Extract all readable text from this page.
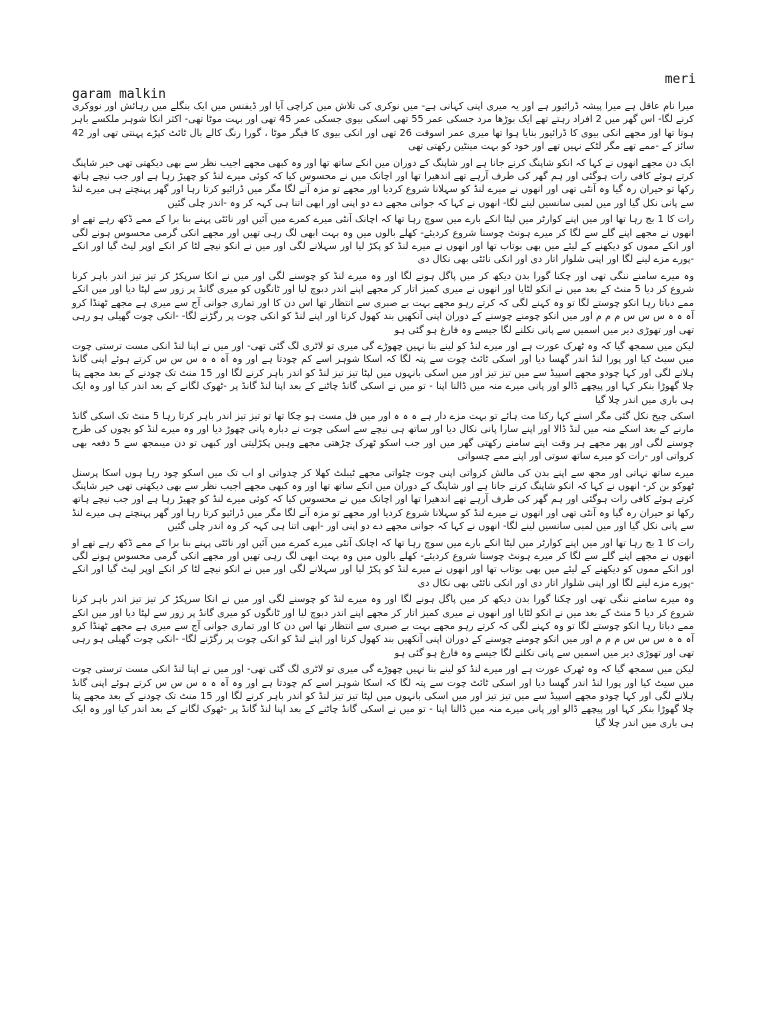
meri
garam malkin

میرا نام عاقل ہے میرا پیشہ ڈرائیور ہے اور یہ میری اپنی کہانی ہے- میں نوکری کی تلاش میں کراچی آیا اور ڈیفنس میں ایک بنگلے میں رہائش اور نووکری کرنے لگا- اس گھر میں 2 افراد رہتے تھے ایک بوڑھا مرد جسکی عمر 55 تھی اسکی بیوی جسکی عمر 45 تھی اور بہت موٹا تھی- اکثر انکا شوہر ملکسے باہر ہوتا تھا اور مجھے انکی بیوی کا ڈرائیور بنایا ہوا تھا میری عمر اسوقت 26 تھی اور انکی بیوی کا فیگر موٹا ، گورا رنگ کالے بال ٹائٹ کپڑے پہنتی تھی اور 42 سائز کے -ممے تھے مگر لٹکے نہیں تھے اور خود کو بہت مینٹین رکھتی تھی

ایک دن مجھے انھوں نے کہا کہ انکو شاپنگ کرنے جانا ہے اور شاپنگ کے دوران میں انکے ساتھ تھا اور وہ کبھی مجھے اجیب نظر سے بھی دیکھتی تھی خیر شاپنگ کرتے ہوئے کافی رات ہوگئی اور ہم گھر کی طرف آرہے تھے اندھیرا تھا اور اچانک میں نے محسوس کیا کہ کوئی میرے لنڈ کو چھیڑ رہا ہے اور جب نیچے ہاتھ رکھا تو حیران رہ گیا وہ آنٹی تھی اور انھوں نے میرے لنڈ کو سہلانا شروع کردیا اور مجھے تو مزہ آنے لگا مگر میں ڈرائیو کرتا رہا اور گھر پہنچتے ہی میرے لنڈ سے پانی نکل گیا اور میں لمبی سانسیں لینے لگا- انھوں نے کہا کہ جوانی مجھے دے دو اپنی اور ابھی اتنا ہی کہہ کر وہ -اندر چلی گئیں

رات کا 1 بج رہا تھا اور میں اپنے کوارٹر میں لیٹا انکے بارے میں سوچ رہا تھا کہ اچانک آنٹی میرے کمرے میں آئیں اور نائٹی پہنے بنا برا کے ممے ڈکھ رہے تھے او انھوں نے مجھے اپنے گلے سے لگا کر میرے ہونٹ چوسنا شروع کردیئے- کھلے بالوں میں وہ بہت ابھی لگ رہی تھیں اور مجھے انکی گرمی محسوس ہونے لگی اور انکے مموں کو دیکھنے کے لیئے میں بھی بوتاب تھا اور انھوں نے میرے لنڈ کو پکڑ لیا اور سہلانے لگی اور میں نے انکو نیچے لٹا کر انکے اوپر لیٹ گیا اور انکے -پورے مزے لینے لگا اور اپنی شلوار اتار دی اور انکی نائٹی بھی نکال دی

وہ میرے سامنے ننگی تھی اور چکنا گورا بدن دیکھ کر میں پاگل ہونے لگا اور وہ میرے لنڈ کو چوسنے لگی اور میں نے انکا سرپکڑ کر تیز تیز اندر باہر کرنا شروع کر دیا 5 منٹ کے بعد میں نے انکو لٹایا اور انھوں نے میری کمیز اتار کر مجھے اپنے اندر دبوچ لیا اور ٹانگوں کو میری گانڈ پر زور سے لپٹا دیا اور میں انکے ممے دباتا رہا انکو چوستے لگا تو وہ کہنے لگی کہ کرتے رہو مجھے بہت بے صبری سے انتظار تھا اس دن کا اور تماری جوانی آج سے میری ہے مجھے ٹھنڈا کرو آہ ہ ہ س س س م م م اور میں انکو چومنے چوسنے کے دوران اپنی آنکھیں بند کھول کرتا اور اپنے لنڈ کو انکی چوت پر رگڑنے لگا- -انکی چوت گھیلی ہو رہی تھی اور تھوڑی دیر میں اسمیں سے پانی نکلنے لگا جیسے وہ فارغ ہو گئی ہو

لیکن میں سمجھ گیا کہ وہ ٹھرک عورت ہے اور میرے لنڈ کو لینے بنا نہیں چھوڑے گی میری تو لاٹری لگ گئی تھی- اور میں نے اپنا لنڈ انکی مست ترستی چوت میں سیٹ کیا اور پورا لنڈ اندر گھسا دیا اور اسکی ٹائٹ چوت سے پتہ لگا کہ اسکا شوہر اسے کم چودتا ہے اور وہ آہ ہ ہ س س س کرتے ہوئے اپنی گانڈ ہلانے لگی اور کہا چودو مجھے اسپیڈ سے میں تیز تیز اور میں اسکی بانہوں میں لپٹا تیز تیز لنڈ کو اندر باہر کرنے لگا اور 15 منٹ تک چودنے کے بعد مجھے پتا چلا گھوڑا بنکر کہا اور پیچھے ڈالو اور پانی میرے منہ میں ڈالنا اپنا - تو میں نے اسکی گانڈ چاٹنے کے بعد اپنا لنڈ گانڈ پر -ٹھوک لگانے کے بعد اندر کیا اور وہ ایک ہی باری میں اندر چلا گیا

اسکی چیخ نکل گئی مگر اسنے کہا رکنا مت ہائے تو بہت مزے دار ہے ہ ہ ہ اور میں فل مست ہو چکا تھا تو تیز تیز اندر باہر کرتا رہا 5 منٹ تک اسکی گانڈ مارنے کے بعد اسکے منہ میں لنڈ ڈالا اور اپنے سارا پانی نکال دیا اور ساتھ ہی نیچے سے اسکی چوت نے دبارہ پانی چھوڑ دیا اور وہ میرے لنڈ کو بچوں کی طرح چوسنے لگی اور پھر مجھے ہر وقت اپنے سامنے رکھتی گھر میں اور جب اسکو ٹھرک چڑھتی مجھے وہیں پکڑلیتی اور کبھی تو دن میںمجھ سے 5 دفعہ بھی کرواتی اور -رات کو میرے ساتھ سوتی اور اپنے ممے چسواتی

میرے ساتھ نہاتی اور مجھ سے اپنے بدن کی مالش کرواتی اپنی چوت چٹواتی مجھے ٹیبلٹ کھلا کر چدواتی او اب تک میں اسکو چود رہا ہوں اسکا پرسنل ٹھوکو بن کر- انھوں نے کہا کہ انکو شاپنگ کرنے جانا ہے اور شاپنگ کے دوران میں انکے ساتھ تھا اور وہ کبھی مجھے اجیب نظر سے بھی دیکھتی تھی خیر شاپنگ کرتے ہوئے کافی رات ہوگئی اور ہم گھر کی طرف آرہے تھے اندھیرا تھا اور اچانک میں نے محسوس کیا کہ کوئی میرے لنڈ کو چھیڑ رہا ہے اور جب نیچے ہاتھ رکھا تو حیران رہ گیا وہ آنٹی تھی اور انھوں نے میرے لنڈ کو سہلانا شروع کردیا اور مجھے تو مزہ آنے لگا مگر میں ڈرائیو کرتا رہا اور گھر پہنچتے ہی میرے لنڈ سے پانی نکل گیا اور میں لمبی سانسیں لینے لگا- انھوں نے کہا کہ جوانی مجھے دے دو اپنی اور -ابھی اتنا ہی کہہ کر وہ اندر چلی گئیں

رات کا 1 بج رہا تھا اور میں اپنے کوارٹر میں لیٹا انکے بارے میں سوچ رہا تھا کہ اچانک آنٹی میرے کمرے میں آئیں اور نائٹی پہنے بنا برا کے ممے ڈکھ رہے تھے او انھوں نے مجھے اپنے گلے سے لگا کر میرے ہونٹ چوسنا شروع کردیئے- کھلے بالوں میں وہ بہت ابھی لگ رہی تھیں اور مجھے انکی گرمی محسوس ہونے لگی اور انکے مموں کو دیکھنے کے لیئے میں بھی بوتاب تھا اور انھوں نے میرے لنڈ کو پکڑ لیا اور سہلانے لگی اور میں نے انکو نیچے لٹا کر انکے اوپر لیٹ گیا اور انکے -پورے مزے لینے لگا اور اپنی شلوار اتار دی اور انکی نائٹی بھی نکال دی

وہ میرے سامنے ننگی تھی اور چکنا گورا بدن دیکھ کر میں پاگل ہونے لگا اور وہ میرے لنڈ کو چوسنے لگی اور میں نے انکا سرپکڑ کر تیز تیز اندر باہر کرنا شروع کر دیا 5 منٹ کے بعد میں نے انکو لٹایا اور انھوں نے میری کمیز اتار کر مجھے اپنے اندر دبوچ لیا اور ٹانگوں کو میری گانڈ پر زور سے لپٹا دیا اور میں انکے ممے دباتا رہا انکو چوستے لگا تو وہ کہنے لگی کہ کرتے رہو مجھے بہت بے صبری سے انتظار تھا اس دن کا اور تماری جوانی آج سے میری ہے مجھے ٹھنڈا کرو آہ ہ ہ س س س م م م اور میں انکو چومنے چوسنے کے دوران اپنی آنکھیں بند کھول کرتا اور اپنے لنڈ کو انکی چوت پر رگڑنے لگا- -انکی چوت گھیلی ہو رہی تھی اور تھوڑی دیر میں اسمیں سے پانی نکلنے لگا جیسے وہ فارغ ہو گئی ہو

لیکن میں سمجھ گیا کہ وہ ٹھرک عورت ہے اور میرے لنڈ کو لینے بنا نہیں چھوڑے گی میری تو لاٹری لگ گئی تھی- اور میں نے اپنا لنڈ انکی مست ترستی چوت میں سیٹ کیا اور پورا لنڈ اندر گھسا دیا اور اسکی ٹائٹ چوت سے پتہ لگا کہ اسکا شوہر اسے کم چودتا ہے اور وہ آہ ہ ہ س س س کرتے ہوئے اپنی گانڈ ہلانے لگی اور کہا چودو مجھے اسپیڈ سے میں تیز تیز اور میں اسکی بانہوں میں لپٹا تیز تیز لنڈ کو اندر باہر کرنے لگا اور 15 منٹ تک چودنے کے بعد مجھے پتا چلا گھوڑا بنکر کہا اور پیچھے ڈالو اور پانی میرے منہ میں ڈالنا اپنا - تو میں نے اسکی گانڈ چاٹنے کے بعد اپنا لنڈ گانڈ پر -ٹھوک لگانے کے بعد اندر کیا اور وہ ایک ہی باری میں اندر چلا گیا
